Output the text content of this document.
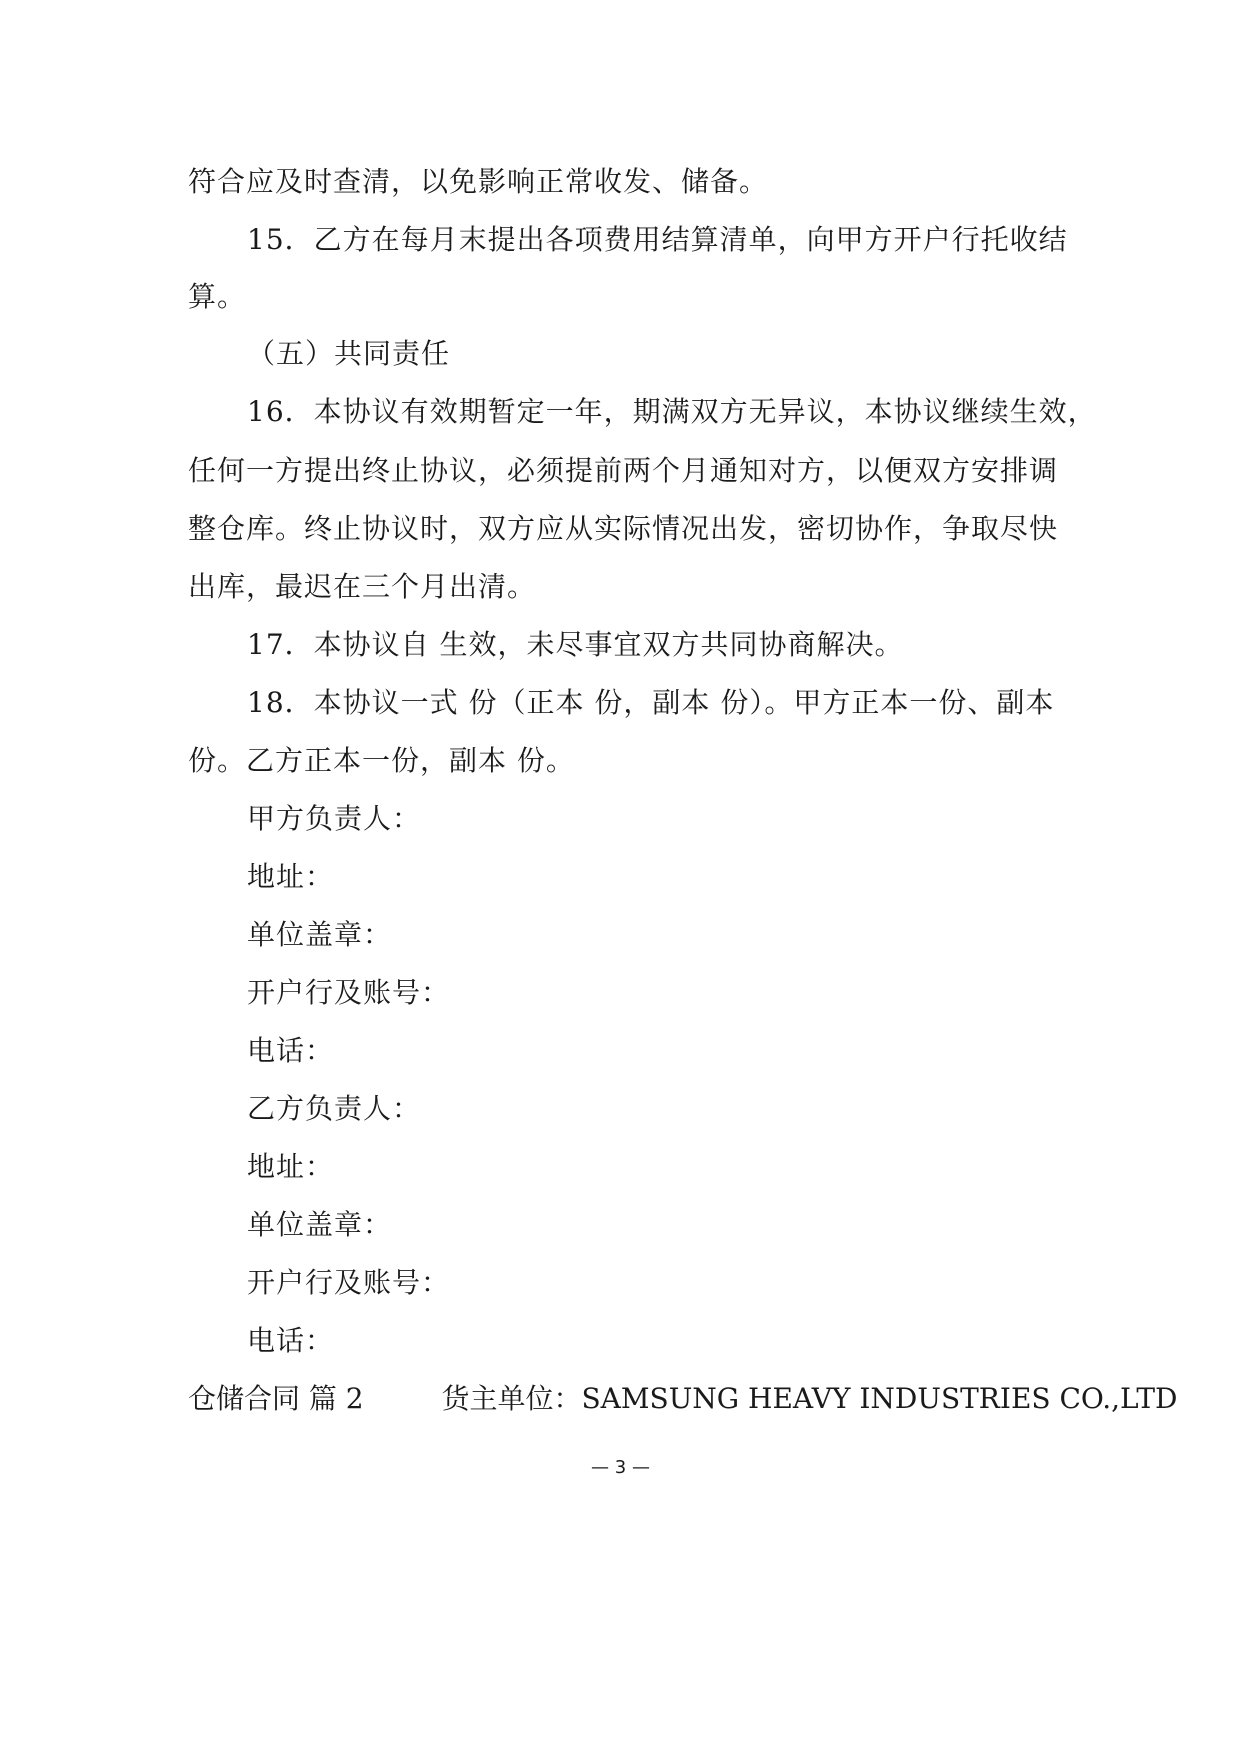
符合应及时查清，以免影响正常收发、储备。
15．乙方在每月末提出各项费用结算清单，向甲方开户行托收结
算。
（五）共同责任
16．本协议有效期暂定一年，期满双方无异议，本协议继续生效，
任何一方提出终止协议，必须提前两个月通知对方，以便双方安排调
整仓库。终止协议时，双方应从实际情况出发，密切协作，争取尽快
出库，最迟在三个月出清。
17．本协议自 生效，未尽事宜双方共同协商解决。
18．本协议一式 份（正本 份，副本 份）。甲方正本一份、副本
份。乙方正本一份，副本 份。
甲方负责人：
地址：
单位盖章：
开户行及账号：
电话：
乙方负责人：
地址：
单位盖章：
开户行及账号：
电话：
仓储合同 篇 2	货主单位：SAMSUNG HEAVY INDUSTRIES CO.,LTD
— 3 —
